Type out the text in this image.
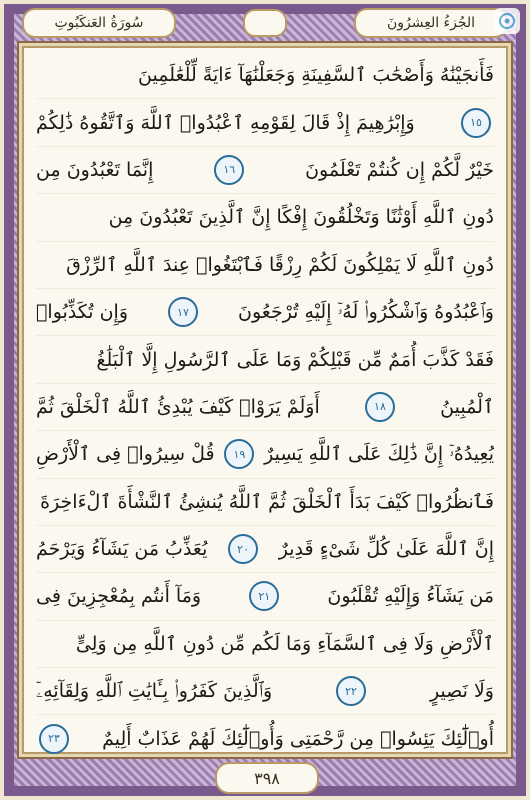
سُورَةُ العَنكَبُوتِ	الجُزءُ العِشرُونَ
فَأَنجَيْنَٰهُ وَأَصْحَٰبَ ٱلسَّفِينَةِ وَجَعَلْنَٰهَآ ءَايَةً لِّلْعَٰلَمِينَ
١٥
وَإِبْرَٰهِيمَ إِذْ قَالَ لِقَوْمِهِ ٱعْبُدُوا۟ ٱللَّهَ وَٱتَّقُوهُ ذَٰلِكُمْ
خَيْرٌ لَّكُمْ إِن كُنتُمْ تَعْلَمُونَ
١٦
إِنَّمَا تَعْبُدُونَ مِن
دُونِ ٱللَّهِ أَوْثَٰنًا وَتَخْلُقُونَ إِفْكًا إِنَّ ٱلَّذِينَ تَعْبُدُونَ مِن
دُونِ ٱللَّهِ لَا يَمْلِكُونَ لَكُمْ رِزْقًا فَٱبْتَغُوا۟ عِندَ ٱللَّهِ ٱلرِّزْقَ
وَٱعْبُدُوهُ وَٱشْكُرُوا۟ لَهُۥٓ إِلَيْهِ تُرْجَعُونَ
١٧
وَإِن تُكَذِّبُوا۟
فَقَدْ كَذَّبَ أُمَمٌ مِّن قَبْلِكُمْ وَمَا عَلَى ٱلرَّسُولِ إِلَّا ٱلْبَلَٰغُ
ٱلْمُبِينُ
١٨
أَوَلَمْ يَرَوْا۟ كَيْفَ يُبْدِئُ ٱللَّهُ ٱلْخَلْقَ ثُمَّ
يُعِيدُهُۥٓ إِنَّ ذَٰلِكَ عَلَى ٱللَّهِ يَسِيرٌ
١٩
قُلْ سِيرُوا۟ فِى ٱلْأَرْضِ
فَٱنظُرُوا۟ كَيْفَ بَدَأَ ٱلْخَلْقَ ثُمَّ ٱللَّهُ يُنشِئُ ٱلنَّشْأَةَ ٱلْءَاخِرَةَ
إِنَّ ٱللَّهَ عَلَىٰ كُلِّ شَىْءٍ قَدِيرٌ
٢٠
يُعَذِّبُ مَن يَشَآءُ وَيَرْحَمُ
مَن يَشَآءُ وَإِلَيْهِ تُقْلَبُونَ
٢١
وَمَآ أَنتُم بِمُعْجِزِينَ فِى
ٱلْأَرْضِ وَلَا فِى ٱلسَّمَآءِ وَمَا لَكُم مِّن دُونِ ٱللَّهِ مِن وَلِىٍّ
وَلَا نَصِيرٍ
٢٢
وَٱلَّذِينَ كَفَرُوا۟ بِـَٔايَٰتِ ٱللَّهِ وَلِقَآئِهِۦٓ
أُو۟لَٰٓئِكَ يَئِسُوا۟ مِن رَّحْمَتِى وَأُو۟لَٰٓئِكَ لَهُمْ عَذَابٌ أَلِيمٌ
٢٣
٣٩٨
